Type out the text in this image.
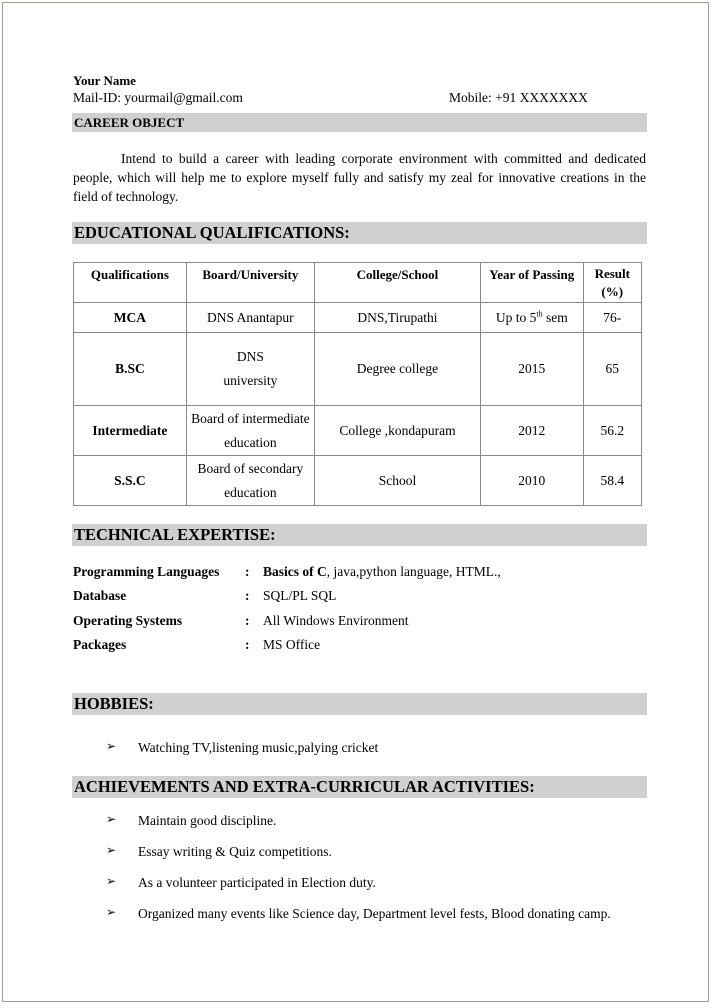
Your Name
Mail-ID: yourmail@gmail.com	Mobile: +91 XXXXXXX
CAREER OBJECT
Intend to build a career with leading corporate environment with committed and dedicated people, which will help me to explore myself fully and satisfy my zeal for innovative creations in the field of technology.
EDUCATIONAL QUALIFICATIONS:
Qualifications	Board/University	College/School	Year of Passing	Result (%)
MCA	DNS Anantapur	DNS,Tirupathi	Up to 5th sem	76-
B.SC	DNS university	Degree college	2015	65
Intermediate	Board of intermediate education	College ,kondapuram	2012	56.2
S.S.C	Board of secondary education	School	2010	58.4
TECHNICAL EXPERTISE:
Programming Languages : Basics of C, java,python language, HTML.,
Database	: SQL/PL SQL
Operating Systems	: All Windows Environment
Packages	: MS Office
HOBBIES:
➢ Watching TV,listening music,palying cricket
ACHIEVEMENTS AND EXTRA-CURRICULAR ACTIVITIES:
➢ Maintain good discipline.
➢ Essay writing & Quiz competitions.
➢ As a volunteer participated in Election duty.
➢ Organized many events like Science day, Department level fests, Blood donating camp.
